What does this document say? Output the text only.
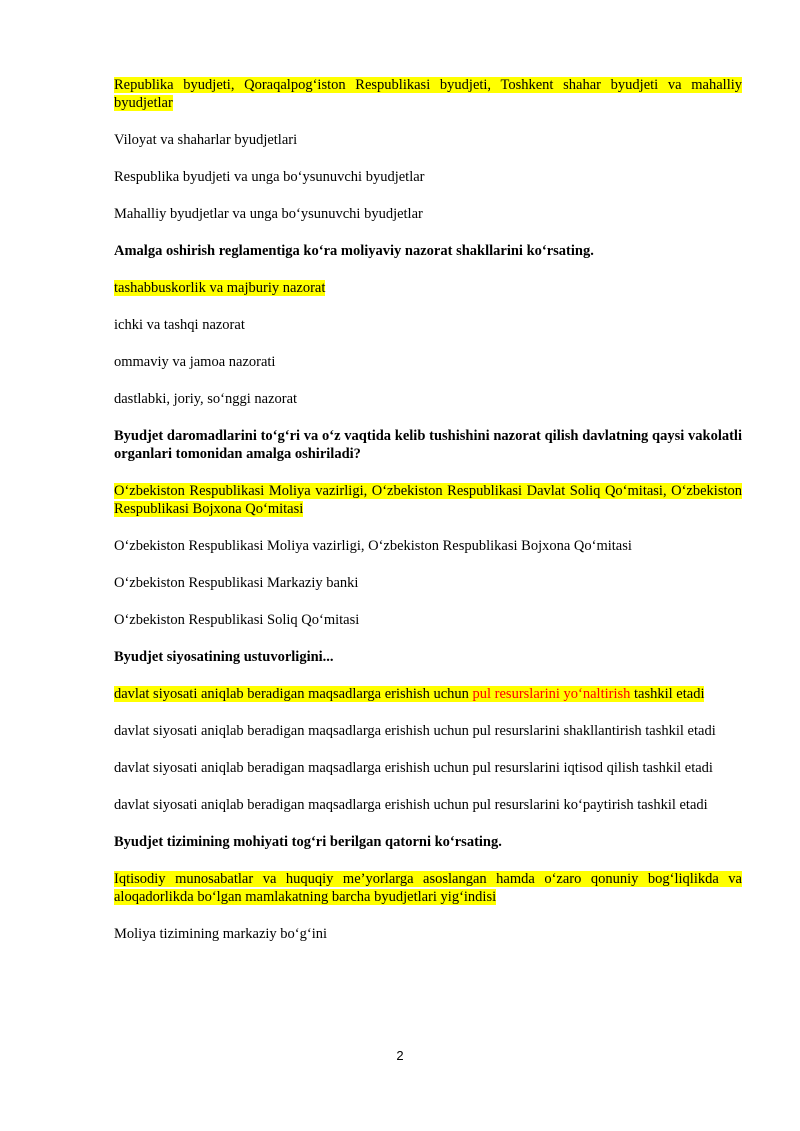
Republika byudjeti, Qoraqalpog‘iston Respublikasi byudjeti, Toshkent shahar byudjeti va mahalliy byudjetlar

Viloyat va shaharlar byudjetlari

Respublika byudjeti va unga bo‘ysunuvchi byudjetlar

Mahalliy byudjetlar va unga bo‘ysunuvchi byudjetlar

Amalga oshirish reglamentiga ko‘ra moliyaviy nazorat shakllarini ko‘rsating.

tashabbuskorlik va majburiy nazorat

ichki va tashqi nazorat

ommaviy va jamoa nazorati

dastlabki, joriy, so‘nggi nazorat

Byudjet daromadlarini to‘g‘ri va o‘z vaqtida kelib tushishini nazorat qilish davlatning qaysi vakolatli organlari tomonidan amalga oshiriladi?

O‘zbekiston Respublikasi Moliya vazirligi, O‘zbekiston Respublikasi Davlat Soliq Qo‘mitasi, O‘zbekiston Respublikasi Bojxona Qo‘mitasi

O‘zbekiston Respublikasi Moliya vazirligi, O‘zbekiston Respublikasi Bojxona Qo‘mitasi

O‘zbekiston Respublikasi Markaziy banki

O‘zbekiston Respublikasi Soliq Qo‘mitasi

Byudjet siyosatining ustuvorligini...

davlat siyosati aniqlab beradigan maqsadlarga erishish uchun pul resurslarini yo‘naltirish tashkil etadi

davlat siyosati aniqlab beradigan maqsadlarga erishish uchun pul resurslarini shakllantirish tashkil etadi

davlat siyosati aniqlab beradigan maqsadlarga erishish uchun pul resurslarini iqtisod qilish tashkil etadi

davlat siyosati aniqlab beradigan maqsadlarga erishish uchun pul resurslarini ko‘paytirish tashkil etadi

Byudjet tizimining mohiyati tog‘ri berilgan qatorni ko‘rsating.

Iqtisodiy munosabatlar va huquqiy me’yorlarga asoslangan hamda o‘zaro qonuniy bog‘liqlikda va aloqadorlikda bo‘lgan mamlakatning barcha byudjetlari yig‘indisi

Moliya tizimining markaziy bo‘g‘ini

2
